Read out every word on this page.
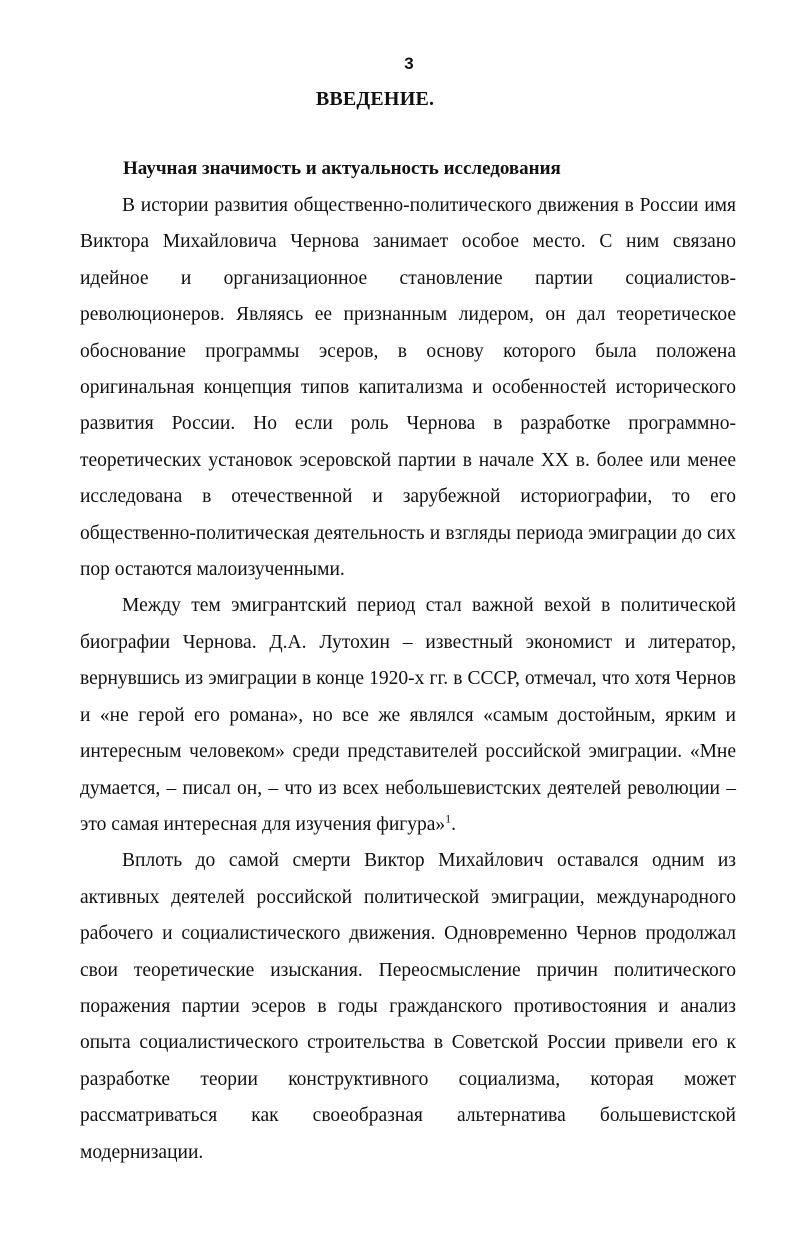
3
ВВЕДЕНИЕ.
Научная значимость и актуальность исследования

В истории развития общественно-политического движения в России имя Виктора Михайловича Чернова занимает особое место. С ним связано идейное и организационное становление партии социалистов-революционеров. Являясь ее признанным лидером, он дал теоретическое обоснование программы эсеров, в основу которого была положена оригинальная концепция типов капитализма и особенностей исторического развития России. Но если роль Чернова в разработке программно-теоретических установок эсеровской партии в начале XX в. более или менее исследована в отечественной и зарубежной историографии, то его общественно-политическая деятельность и взгляды периода эмиграции до сих пор остаются малоизученными.

Между тем эмигрантский период стал важной вехой в политической биографии Чернова. Д.А. Лутохин – известный экономист и литератор, вернувшись из эмиграции в конце 1920-х гг. в СССР, отмечал, что хотя Чернов и «не герой его романа», но все же являлся «самым достойным, ярким и интересным человеком» среди представителей российской эмиграции. «Мне думается, – писал он, – что из всех небольшевистских деятелей революции – это самая интересная для изучения фигура»$^1$.

Вплоть до самой смерти Виктор Михайлович оставался одним из активных деятелей российской политической эмиграции, международного рабочего и социалистического движения. Одновременно Чернов продолжал свои теоретические изыскания. Переосмысление причин политического поражения партии эсеров в годы гражданского противостояния и анализ опыта социалистического строительства в Советской России привели его к разработке теории конструктивного социализма, которая может рассматриваться как своеобразная альтернатива большевистской модернизации.
